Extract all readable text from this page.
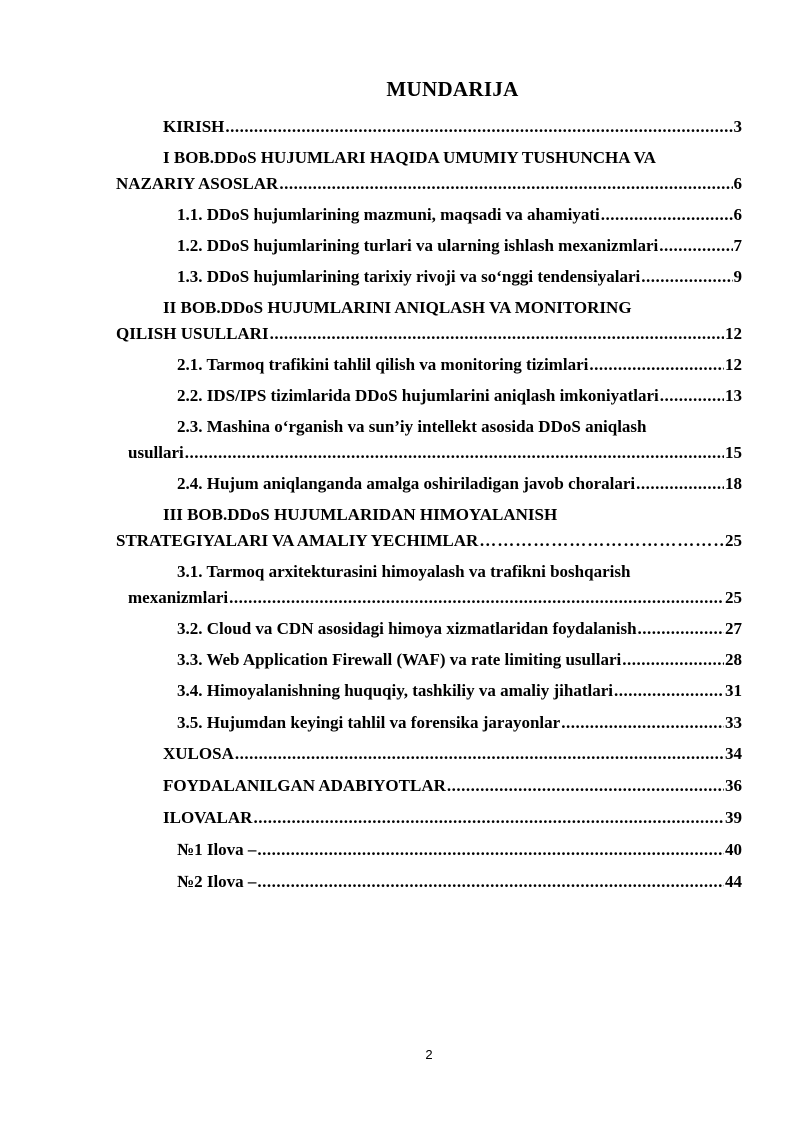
MUNDARIJA
KIRISH .....	3
I BOB.DDoS HUJUMLARI HAQIDA UMUMIY TUSHUNCHA VA
NAZARIY ASOSLAR .....	6
1.1. DDoS hujumlarining mazmuni, maqsadi va ahamiyati .....	6
1.2. DDoS hujumlarining turlari va ularning ishlash mexanizmlari .....	7
1.3. DDoS hujumlarining tarixiy rivoji va so‘nggi tendensiyalari .....	9
II BOB.DDoS HUJUMLARINI ANIQLASH VA MONITORING
QILISH USULLARI .....	12
2.1. Tarmoq trafikini tahlil qilish va monitoring tizimlari .....	12
2.2. IDS/IPS tizimlarida DDoS hujumlarini aniqlash imkoniyatlari .....	13
2.3. Mashina o‘rganish va sun’iy intellekt asosida DDoS aniqlash
usullari .....	15
2.4. Hujum aniqlanganda amalga oshiriladigan javob choralari .....	18
III BOB.DDoS HUJUMLARIDAN HIMOYALANISH
STRATEGIYALARI VA AMALIY YECHIMLAR ………………………………………………………………………………………………………………………………………………………………	25
3.1. Tarmoq arxitekturasini himoyalash va trafikni boshqarish
mexanizmlari .....	25
3.2. Cloud va CDN asosidagi himoya xizmatlaridan foydalanish .....	27
3.3. Web Application Firewall (WAF) va rate limiting usullari .....	28
3.4. Himoyalanishning huquqiy, tashkiliy va amaliy jihatlari .....	31
3.5. Hujumdan keyingi tahlil va forensika jarayonlar .....	33
XULOSA .....	34
FOYDALANILGAN ADABIYOTLAR .....	36
ILOVALAR .....	39
№1 Ilova – .....	40
№2 Ilova – .....	44
2
